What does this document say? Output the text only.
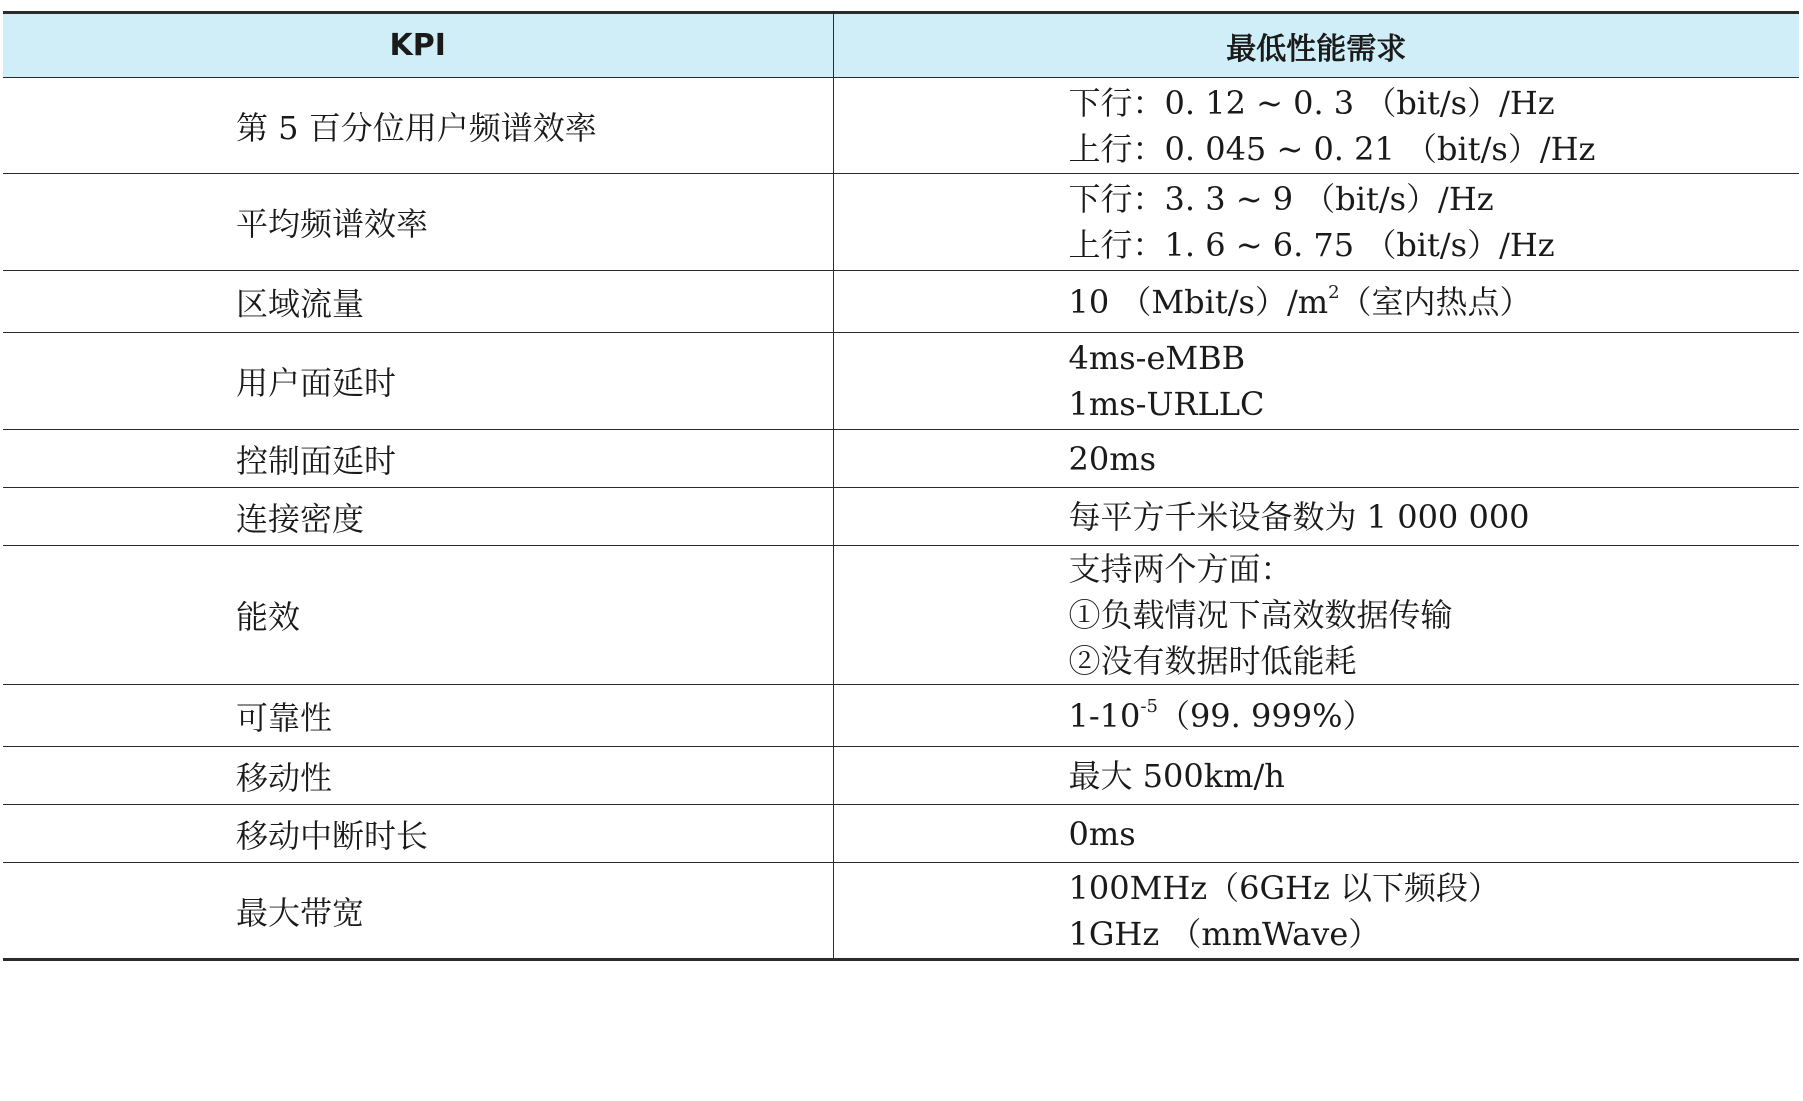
KPI	最低性能需求
第 5 百分位用户频谱效率	下行：0. 12 ~ 0. 3 （bit/s）/Hz
上行：0. 045 ~ 0. 21 （bit/s）/Hz

平均频谱效率	下行：3. 3 ~ 9 （bit/s）/Hz
上行：1. 6 ~ 6. 75 （bit/s）/Hz

区域流量	10 $(Mbit/s)/m^2$（室内热点）

用户面延时	4ms-eMBB
1ms-URLLC

控制面延时	20ms

连接密度	每平方千米设备数为 1 000 000

能效	支持两个方面：
①负载情况下高效数据传输
②没有数据时低能耗

可靠性	$1-10^{-5}(99$. 999%）

移动性	最大 500km/h

移动中断时长	0ms

最大带宽	100MHz（6GHz 以下频段）
1GHz （mmWave）
